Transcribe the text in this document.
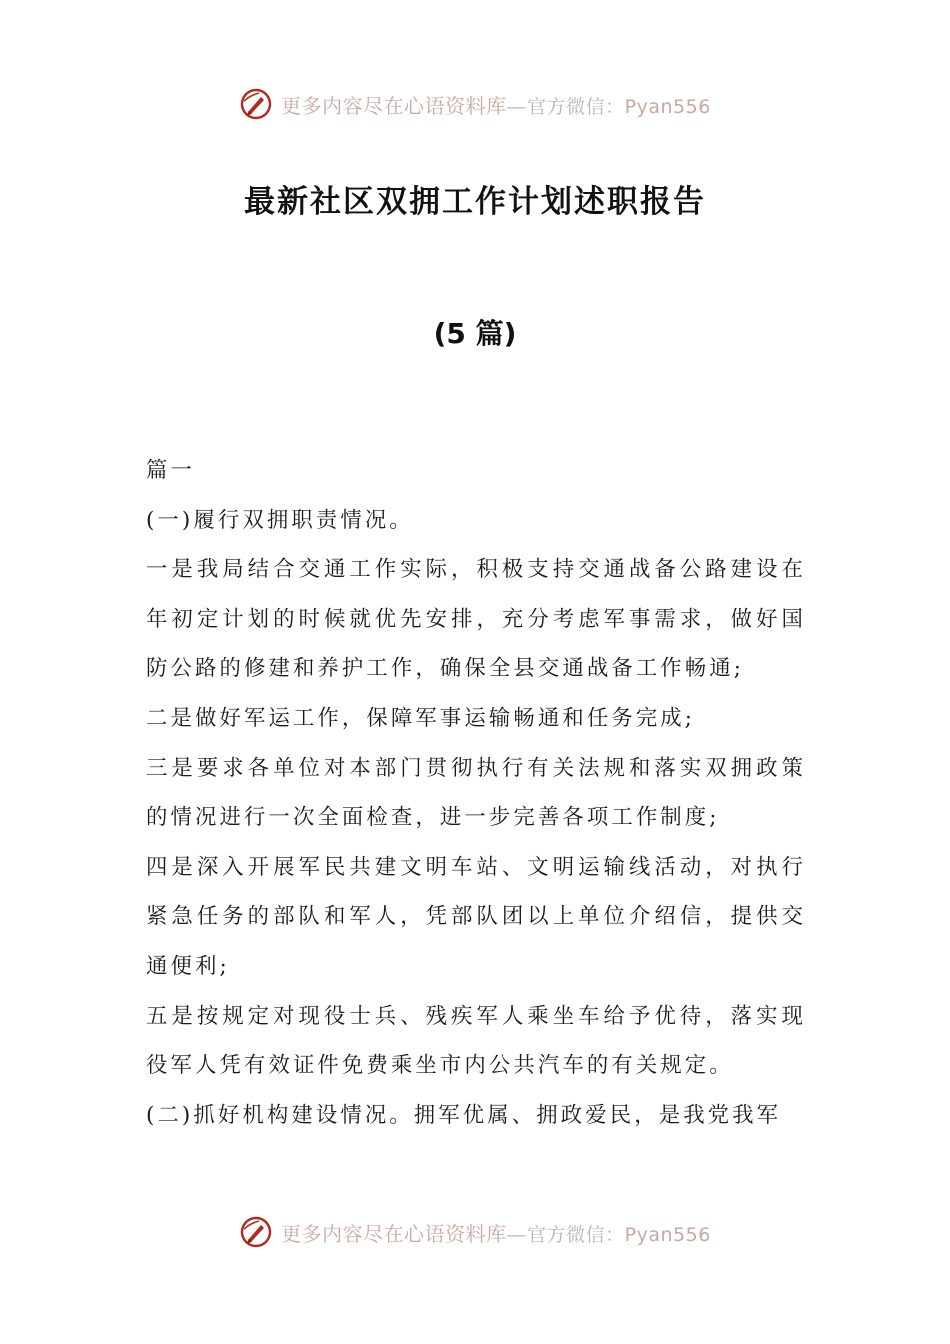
更多内容尽在心语资料库—官方微信：Pyan556
最新社区双拥工作计划述职报告
(5 篇)

篇一

(一)履行双拥职责情况。

一是我局结合交通工作实际，积极支持交通战备公路建设在年初定计划的时候就优先安排，充分考虑军事需求，做好国防公路的修建和养护工作，确保全县交通战备工作畅通;

二是做好军运工作，保障军事运输畅通和任务完成;

三是要求各单位对本部门贯彻执行有关法规和落实双拥政策的情况进行一次全面检查，进一步完善各项工作制度;

四是深入开展军民共建文明车站、文明运输线活动，对执行紧急任务的部队和军人，凭部队团以上单位介绍信，提供交通便利;

五是按规定对现役士兵、残疾军人乘坐车给予优待，落实现役军人凭有效证件免费乘坐市内公共汽车的有关规定。

(二)抓好机构建设情况。拥军优属、拥政爱民，是我党我军

更多内容尽在心语资料库—官方微信：Pyan556
